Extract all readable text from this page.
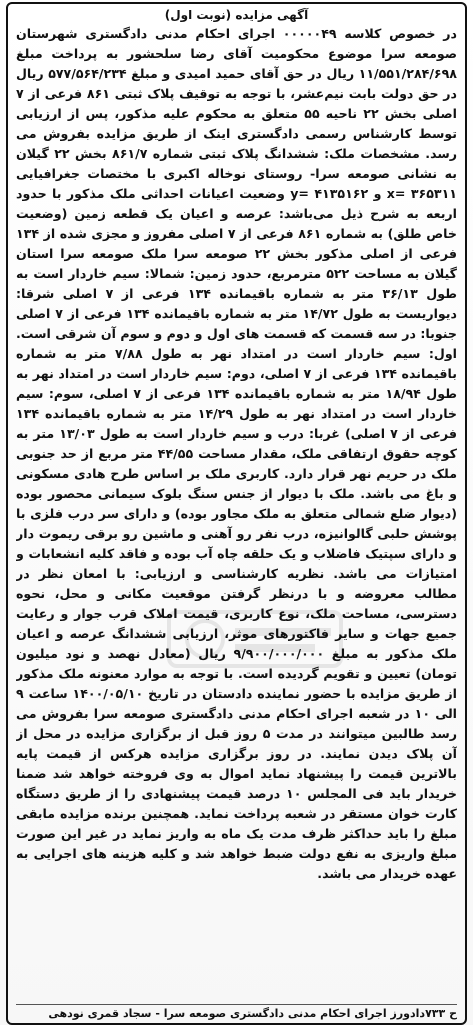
آگهی مزایده (نوبت اول)

در خصوص کلاسه ۰۰۰۰۰۴۹ اجرای احکام مدنی دادگستری شهرستان صومعه سرا موضوع محکومیت آقای رضا سلحشور به پرداخت مبلغ ۱۱/۵۵۱/۲۸۴/۶۹۸ ریال در حق آقای حمید امیدی و مبلغ ۵۷۷/۵۶۴/۲۳۴ ریال در حق دولت بابت نیم‌عشر، با توجه به توقیف پلاک ثبتی ۸۶۱ فرعی از ۷ اصلی بخش ۲۲ ناحیه ۵۵ متعلق به محکوم علیه مذکور، پس از ارزیابی توسط کارشناس رسمی دادگستری اینک از طریق مزایده بفروش می رسد. مشخصات ملک: ششدانگ پلاک ثبتی شماره ۸۶۱/۷ بخش ۲۲ گیلان به نشانی صومعه سرا- روستای نوخاله اکبری با مختصات جغرافیایی ۳۶۵۳۱۱ =x و ۴۱۳۵۱۶۲ =y وضعیت اعیانات احداثی ملک مذکور با حدود اربعه به شرح ذیل می‌باشد: عرصه و اعیان یک قطعه زمین (وضعیت خاص طلق) به شماره ۸۶۱ فرعی از ۷ اصلی مفروز و مجزی شده از ۱۳۴ فرعی از اصلی مذکور بخش ۲۲ صومعه سرا ملک صومعه سرا استان گیلان به مساحت ۵۲۲ مترمربع، حدود زمین: شمالا: سیم خاردار است به طول ۳۶/۱۳ متر به شماره باقیمانده ۱۳۴ فرعی از ۷ اصلی شرقا: دیواریست به طول ۱۴/۷۲ متر به شماره باقیمانده ۱۳۴ فرعی از ۷ اصلی جنوبا: در سه قسمت که قسمت های اول و دوم و سوم آن شرقی است. اول: سیم خاردار است در امتداد نهر به طول ۷/۸۸ متر به شماره باقیمانده ۱۳۴ فرعی از ۷ اصلی، دوم: سیم خاردار است در امتداد نهر به طول ۱۸/۹۴ متر به شماره باقیمانده ۱۳۴ فرعی از ۷ اصلی، سوم: سیم خاردار است در امتداد نهر به طول ۱۴/۲۹ متر به شماره باقیمانده ۱۳۴ فرعی از ۷ اصلی) غربا: درب و سیم خاردار است به طول ۱۳/۰۳ متر به کوچه حقوق ارتفاقی ملک، مقدار مساحت ۴۴/۵۵ متر مربع از حد جنوبی ملک در حریم نهر قرار دارد. کاربری ملک بر اساس طرح هادی مسکونی و باغ می باشد. ملک با دیوار از جنس سنگ بلوک سیمانی محصور بوده (دیوار ضلع شمالی متعلق به ملک مجاور بوده) و دارای سر درب فلزی با پوشش حلبی گالوانیزه، درب نفر رو آهنی و ماشین رو برقی ریموت دار و دارای سپتیک فاضلاب و یک حلقه چاه آب بوده و فاقد کلیه انشعابات و امتیازات می باشد. نظریه کارشناسی و ارزیابی: با امعان نظر در مطالب معروضه و با درنظر گرفتن موقعیت مکانی و محل، نحوه دسترسی، مساحت ملک، نوع کاربری، قیمت املاک قرب جوار و رعایت جمیع جهات و سایر فاکتورهای موثر، ارزیابی ششدانگ عرصه و اعیان ملک مذکور به مبلغ ۹/۹۰۰/۰۰۰/۰۰۰ ریال (معادل نهصد و نود میلیون تومان) تعیین و تقویم گردیده است. با توجه به موارد معنونه ملک مذکور از طریق مزایده با حضور نماینده دادستان در تاریخ ۱۴۰۰/۰۵/۱۰ ساعت ۹ الی ۱۰ در شعبه اجرای احکام مدنی دادگستری صومعه سرا بفروش می رسد طالبین میتوانند در مدت ۵ روز قبل از برگزاری مزایده در محل از آن پلاک دیدن نمایند. در روز برگزاری مزایده هرکس از قیمت پایه بالاترین قیمت را پیشنهاد نماید اموال به وی فروخته خواهد شد ضمنا خریدار باید فی المجلس ۱۰ درصد قیمت پیشنهادی را از طریق دستگاه کارت خوان مستقر در شعبه پرداخت نماید. همچنین برنده مزایده مابقی مبلغ را باید حداکثر ظرف مدت یک ماه به واریز نماید در غیر این صورت مبلغ واریزی به نفع دولت ضبط خواهد شد و کلیه هزینه های اجرایی به عهده خریدار می باشد.

ح ۷۳۳دادورز اجرای احکام مدنی دادگستری صومعه سرا - سجاد قمری نودهی
